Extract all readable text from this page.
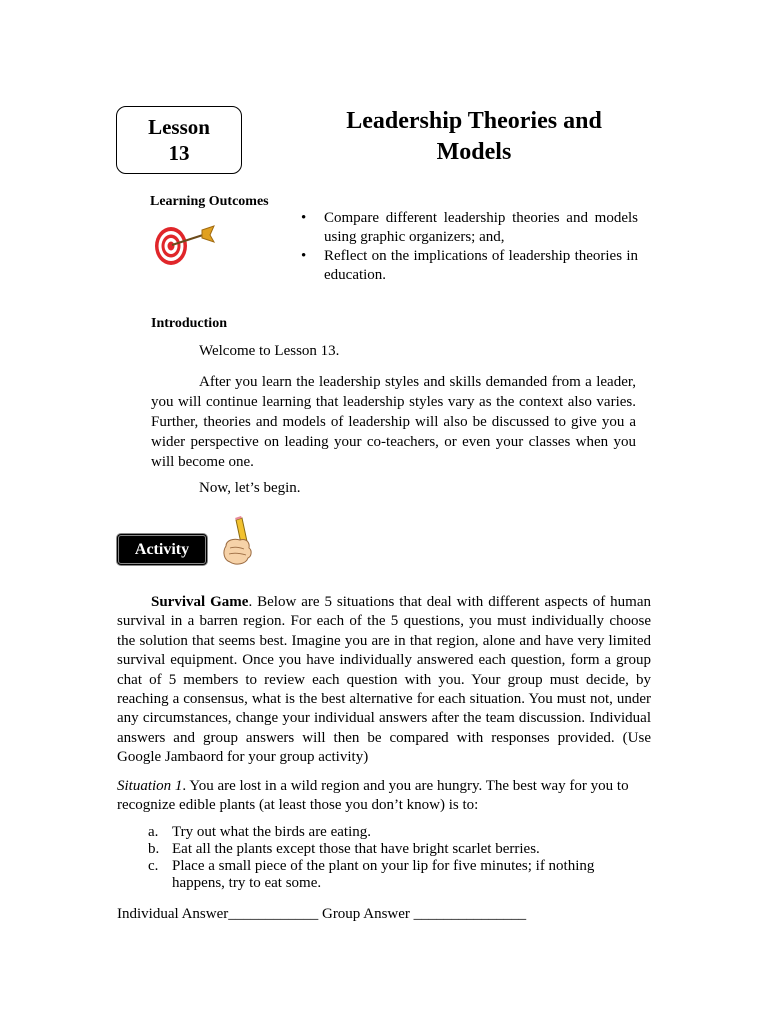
Lesson
13
Leadership Theories and
Models
Learning Outcomes
• Compare different leadership theories and models using graphic organizers; and,
• Reflect on the implications of leadership theories in education.
Introduction
Welcome to Lesson 13.

After you learn the leadership styles and skills demanded from a leader, you will continue learning that leadership styles vary as the context also varies. Further, theories and models of leadership will also be discussed to give you a wider perspective on leading your co-teachers, or even your classes when you will become one.

Now, let’s begin.
Activity

Survival Game. Below are 5 situations that deal with different aspects of human survival in a barren region. For each of the 5 questions, you must individually choose the solution that seems best. Imagine you are in that region, alone and have very limited survival equipment. Once you have individually answered each question, form a group chat of 5 members to review each question with you. Your group must decide, by reaching a consensus, what is the best alternative for each situation. You must not, under any circumstances, change your individual answers after the team discussion. Individual answers and group answers will then be compared with responses provided. (Use Google Jambaord for your group activity)

Situation 1. You are lost in a wild region and you are hungry. The best way for you to recognize edible plants (at least those you don’t know) is to:

a. Try out what the birds are eating.
b. Eat all the plants except those that have bright scarlet berries.
c. Place a small piece of the plant on your lip for five minutes; if nothing happens, try to eat some.
Individual Answer____________ Group Answer _______________
